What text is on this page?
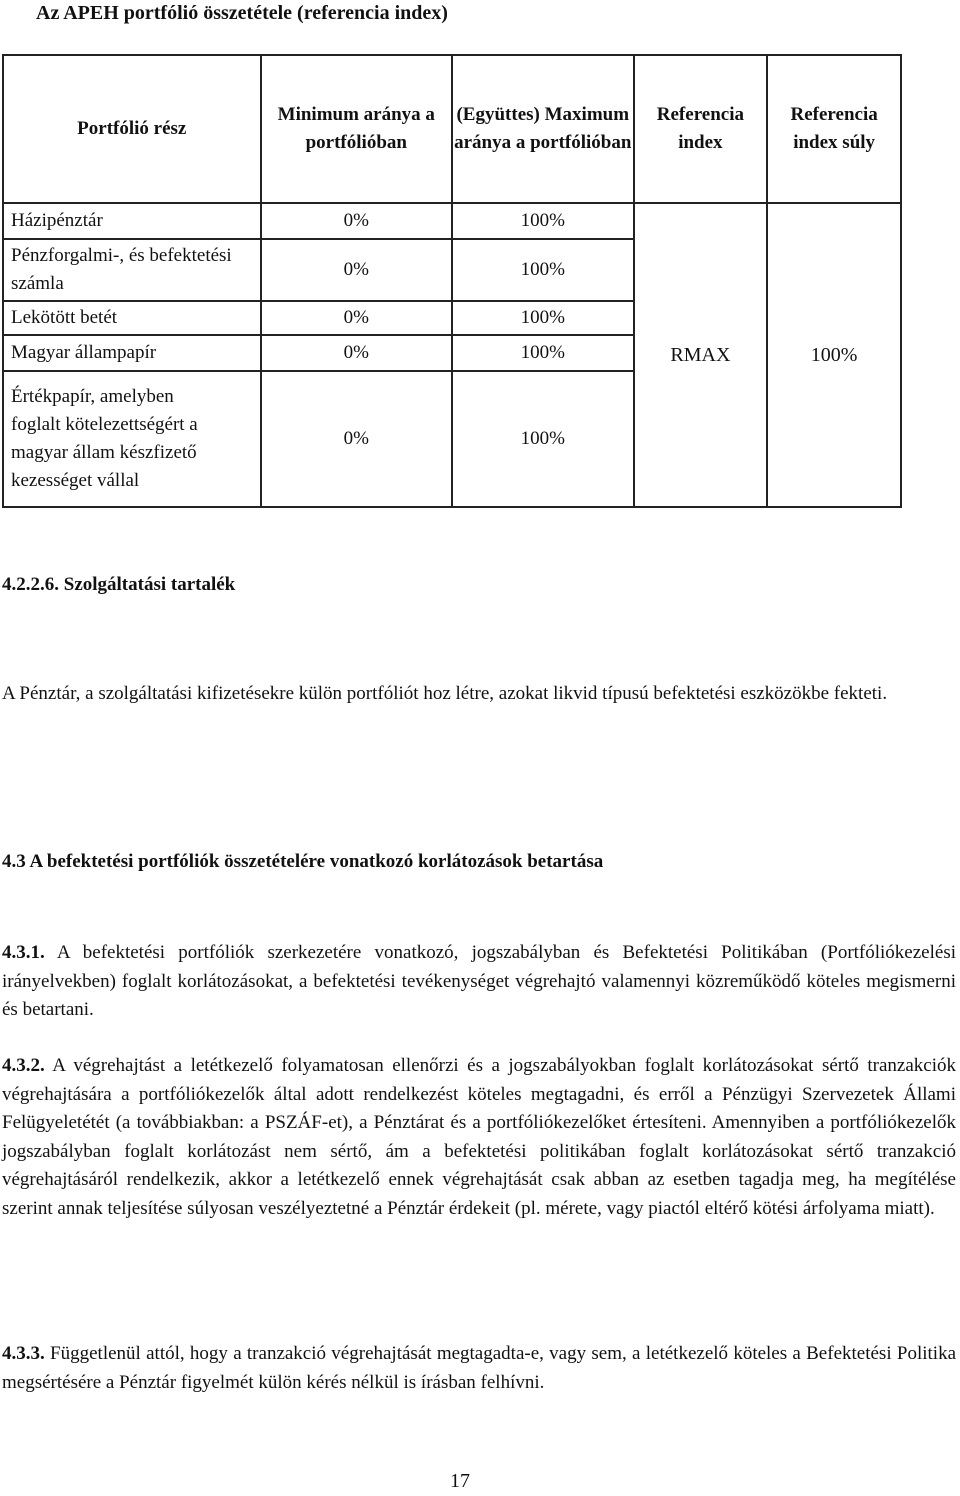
Az APEH portfólió összetétele (referencia index)
Portfólió rész	Minimum aránya a portfólióban	(Együttes) Maximum aránya a portfólióban	Referencia index	Referencia index súly
Házipénztár	0%	100%	RMAX	100%
Pénzforgalmi-, és befektetési számla	0%	100%		
Lekötött betét	0%	100%		
Magyar állampapír	0%	100%		
Értékpapír, amelyben foglalt kötelezettségért a magyar állam készfizető kezességet vállal	0%	100%		
4.2.2.6. Szolgáltatási tartalék
A Pénztár, a szolgáltatási kifizetésekre külön portfóliót hoz létre, azokat likvid típusú befektetési eszközökbe fekteti.
4.3 A befektetési portfóliók összetételére vonatkozó korlátozások betartása
4.3.1. A befektetési portfóliók szerkezetére vonatkozó, jogszabályban és Befektetési Politikában (Portfóliókezelési irányelvekben) foglalt korlátozásokat, a befektetési tevékenységet végrehajtó valamennyi közreműködő köteles megismerni és betartani.
4.3.2. A végrehajtást a letétkezelő folyamatosan ellenőrzi és a jogszabályokban foglalt korlátozásokat sértő tranzakciók végrehajtására a portfóliókezelők által adott rendelkezést köteles megtagadni, és erről a Pénzügyi Szervezetek Állami Felügyeletétét (a továbbiakban: a PSZÁF-et), a Pénztárat és a portfóliókezelőket értesíteni. Amennyiben a portfóliókezelők jogszabályban foglalt korlátozást nem sértő, ám a befektetési politikában foglalt korlátozásokat sértő tranzakció végrehajtásáról rendelkezik, akkor a letétkezelő ennek végrehajtását csak abban az esetben tagadja meg, ha megítélése szerint annak teljesítése súlyosan veszélyeztetné a Pénztár érdekeit (pl. mérete, vagy piactól eltérő kötési árfolyama miatt).
4.3.3. Függetlenül attól, hogy a tranzakció végrehajtását megtagadta-e, vagy sem, a letétkezelő köteles a Befektetési Politika megsértésére a Pénztár figyelmét külön kérés nélkül is írásban felhívni.
17
